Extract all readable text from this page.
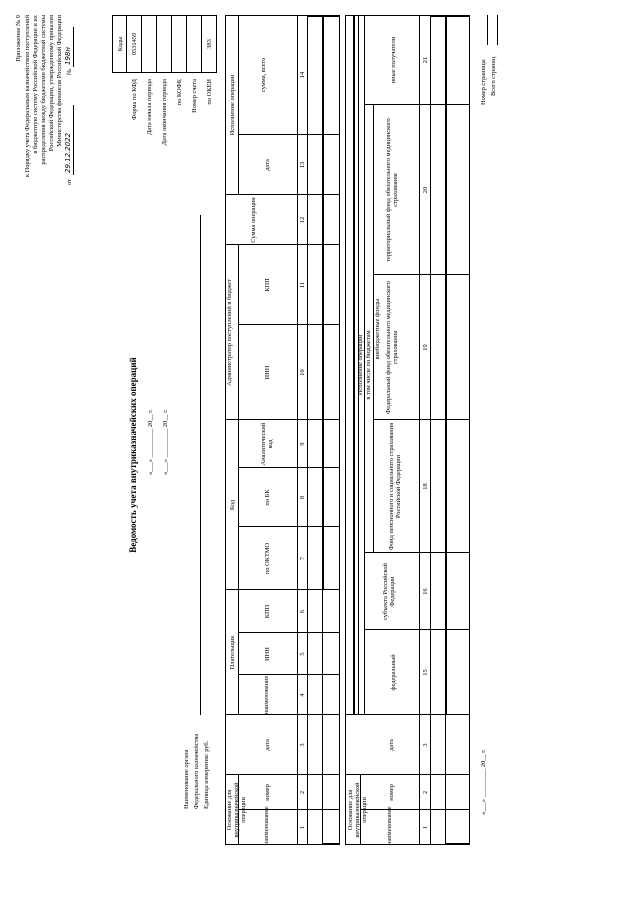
Приложение № 9 к Порядку учета Федеральным казначейством поступлений в бюджетную систему Российской Федерации и их распределения между бюджетами бюджетной системы Российской Федерации, утвержденному приказом Министерства финансов Российской Федерации
от
29.12.2022
№
198н
Коды 0531459	383
Форма по КФД Дата начала периода Дата окончания периода по КОФК Номер счета по ОКЕИ
Ведомость учета внутриказначейских операций «___» _________ 20__ г. «___» _________ 20__ г.
Наименование органа Федерального казначейства Единица измерения: руб.
Основание для внутриказначейской операции
Плательщик
Код
Администратор поступлений в бюджет
Сумма операции
Исполнение операции
наименование
номер
дата
наименование
ИНН
КПП
по ОКТМО
по БК
Аналитический код
ИНН
КПП
дата
сумма, всего
1
2
3
4
5
6
7
8
9
10
11
12
13
14
Основание для внутриказначейской операции
Исполнение операции в том числе по бюджетам
внебюджетные фонды
наименование
номер
дата
федеральный
субъекта Российской Федерации
Фонд пенсионного и социального страхования Российской Федерации
Федеральный фонд обязательного медицинского страхования
территориальный фонд обязательного медицинского страхования
иные получатели
1
2
3
15
16
18
19
20
21
«___» _________ 20__ г.
Номер страницы Всего страниц
